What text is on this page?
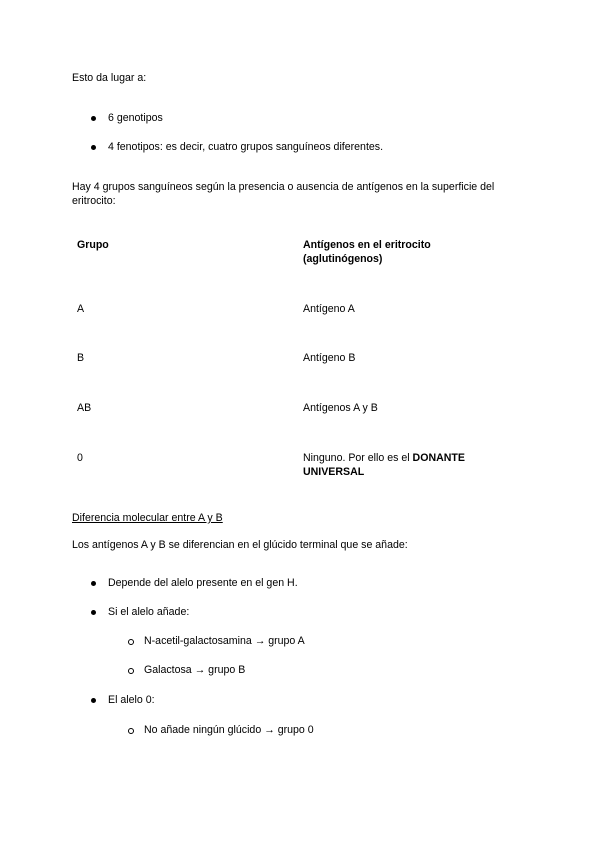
Esto da lugar a:
6 genotipos
4 fenotipos: es decir, cuatro grupos sanguíneos diferentes.
Hay 4 grupos sanguíneos según la presencia o ausencia de antígenos en la superficie del
eritrocito:
Grupo	Antígenos en el eritrocito
(aglutinógenos)
A	Antígeno A
B	Antígeno B
AB	Antígenos A y B
0	Ninguno. Por ello es el DONANTE
UNIVERSAL
Diferencia molecular entre A y B
Los antígenos A y B se diferencian en el glúcido terminal que se añade:
Depende del alelo presente en el gen H.
Si el alelo añade:
N-acetil-galactosamina → grupo A
Galactosa → grupo B
El alelo 0:
No añade ningún glúcido → grupo 0
